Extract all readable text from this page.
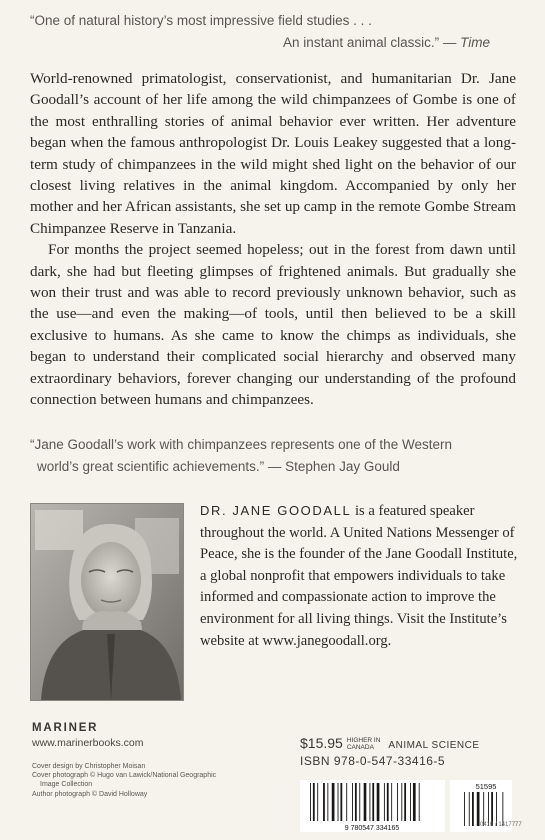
“One of natural history’s most impressive field studies . . .
An instant animal classic.” — Time

World-renowned primatologist, conservationist, and humanitarian Dr. Jane Goodall’s account of her life among the wild chimpanzees of Gombe is one of the most enthralling stories of animal behavior ever written. Her adventure began when the famous anthropologist Dr. Louis Leakey suggested that a long-term study of chimpanzees in the wild might shed light on the behavior of our closest living relatives in the animal kingdom. Accompanied by only her mother and her African assistants, she set up camp in the remote Gombe Stream Chimpanzee Reserve in Tanzania.

For months the project seemed hopeless; out in the forest from dawn until dark, she had but fleeting glimpses of frightened animals. But gradually she won their trust and was able to record previously unknown behavior, such as the use—and even the making—of tools, until then believed to be a skill exclusive to humans. As she came to know the chimps as individuals, she began to understand their complicated social hierarchy and observed many extraordinary behaviors, forever changing our understanding of the profound connection between humans and chimpanzees.

“Jane Goodall’s work with chimpanzees represents one of the Western
world’s great scientific achievements.” — Stephen Jay Gould
DR. JANE GOODALL is a featured speaker throughout the world. A United Nations Messenger of Peace, she is the founder of the Jane Goodall Institute, a global nonprofit that empowers individuals to take informed and compassionate action to improve the environment for all living things. Visit the Institute’s website at www.janegoodall.org.
MARINER
www.marinerbooks.com
Cover design by Christopher Moisan
Cover photograph © Hugo van Lawick/National Geographic
Image Collection
Author photograph © David Holloway
$15.95 HIGHER IN
CANADA	ANIMAL SCIENCE
ISBN 978-0-547-33416-5
9 780547 334165
51595
0410 / 1417777
